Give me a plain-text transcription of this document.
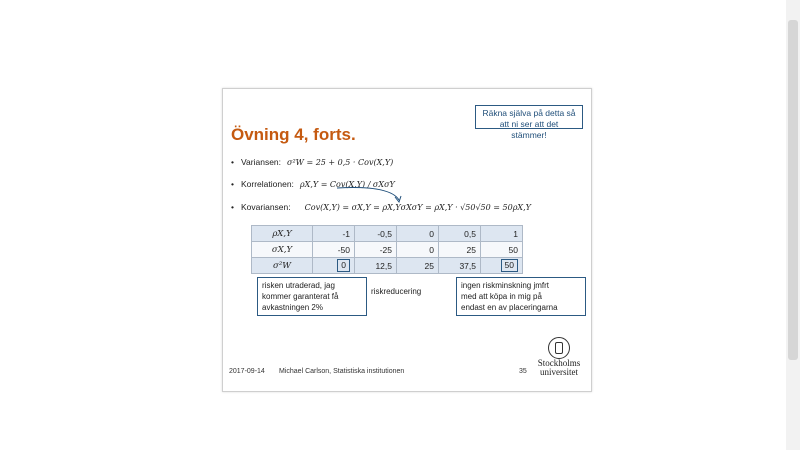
Räkna själva på detta så
att ni ser att det stämmer!
Övning 4, forts.
• Variansen: σ²W = 25 + 0,5 · Cov(X,Y)
• Korrelationen: ρX,Y = Cov(X,Y) / σXσY
• Kovariansen: Cov(X,Y) = σX,Y = ρX,YσXσY = ρX,Y · √50√50 = 50ρX,Y
ρX,Y	-1	-0,5	0	0,5	1
σX,Y	-50	-25	0	25	50
σ²W	0	12,5	25	37,5	50
risken utraderad, jag
kommer garanterat få
avkastningen 2%
riskreducering
ingen riskminskning jmfrt
med att köpa in mig på
endast en av placeringarna
2017-09-14 Michael Carlson, Statistiska institutionen	35
Stockholms
universitet
